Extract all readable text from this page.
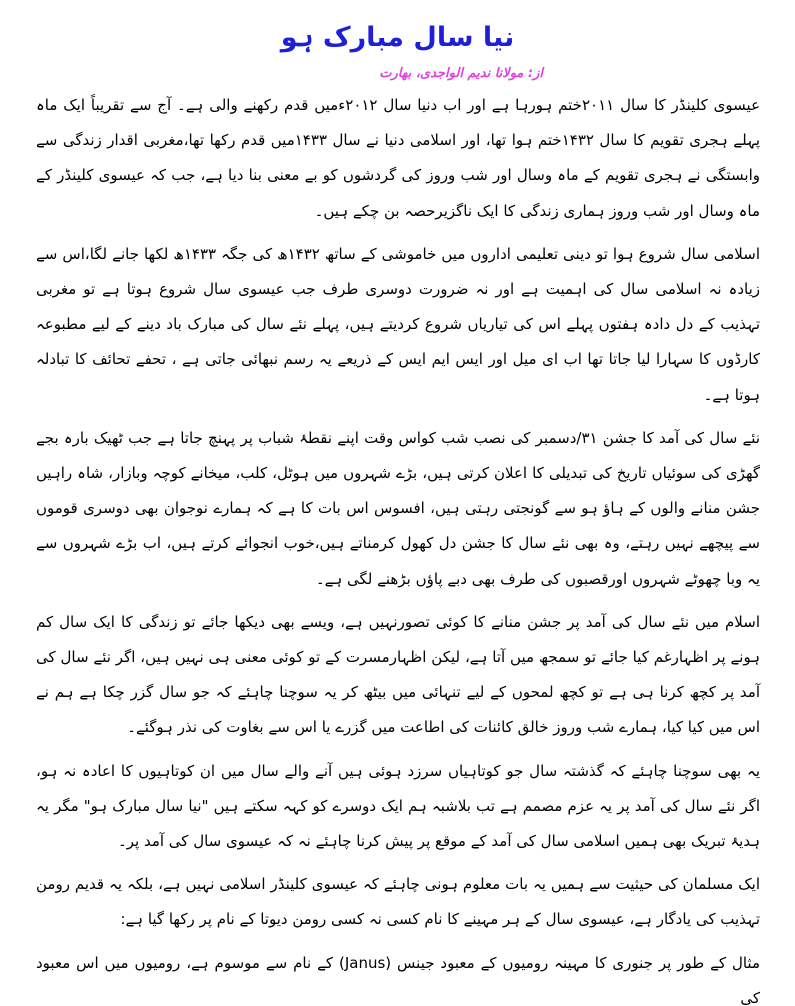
نیا سال مبارک ہو
از: مولانا ندیم الواجدی، بھارت

عیسوی کلینڈر کا سال ۲۰۱۱ختم ہورہا ہے اور اب دنیا سال ۲۰۱۲ءمیں قدم رکھنے والی ہے۔ آج سے تقریباً ایک ماہ پہلے ہجری تقویم کا سال ۱۴۳۲ختم ہوا تھا، اور اسلامی دنیا نے سال ۱۴۳۳میں قدم رکھا تھا،مغربی اقدار زندگی سے وابستگی نے ہجری تقویم کے ماہ وسال اور شب وروز کی گردشوں کو بے معنی بنا دیا ہے، جب کہ عیسوی کلینڈر کے ماہ وسال اور شب وروز ہماری زندگی کا ایک ناگزیرحصہ بن چکے ہیں۔

اسلامی سال شروع ہوا تو دینی تعلیمی اداروں میں خاموشی کے ساتھ ۱۴۳۲ھ کی جگہ ۱۴۳۳ھ لکھا جانے لگا،اس سے زیادہ نہ اسلامی سال کی اہمیت ہے اور نہ ضرورت دوسری طرف جب عیسوی سال شروع ہوتا ہے تو مغربی تہذیب کے دل دادہ ہفتوں پہلے اس کی تیاریاں شروع کردیتے ہیں، پہلے نئے سال کی مبارک باد دینے کے لیے مطبوعہ کارڈوں کا سہارا لیا جاتا تھا اب ای میل اور ایس ایم ایس کے ذریعے یہ رسم نبھائی جاتی ہے ، تحفے تحائف کا تبادلہ ہوتا ہے۔

نئے سال کی آمد کا جشن ۳۱/دسمبر کی نصب شب کواس وقت اپنے نقطۂ شباب پر پہنچ جاتا ہے جب ٹھیک بارہ بجے گھڑی کی سوئیاں تاریخ کی تبدیلی کا اعلان کرتی ہیں، بڑے شہروں میں ہوٹل، کلب، میخانے کوچہ وبازار، شاہ راہیں جشن منانے والوں کے ہاؤ ہو سے گونجتی رہتی ہیں، افسوس اس بات کا ہے کہ ہمارے نوجوان بھی دوسری قوموں سے پیچھے نہیں رہتے، وہ بھی نئے سال کا جشن دل کھول کرمناتے ہیں،خوب انجوائے کرتے ہیں، اب بڑے شہروں سے یہ وبا چھوٹے شہروں اورقصبوں کی طرف بھی دبے پاؤں بڑھنے لگی ہے۔

اسلام میں نئے سال کی آمد پر جشن منانے کا کوئی تصورنہیں ہے، ویسے بھی دیکھا جائے تو زندگی کا ایک سال کم ہونے پر اظہارغم کیا جائے تو سمجھ میں آتا ہے، لیکن اظہارمسرت کے تو کوئی معنی ہی نہیں ہیں، اگر نئے سال کی آمد پر کچھ کرنا ہی ہے تو کچھ لمحوں کے لیے تنہائی میں بیٹھ کر یہ سوچنا چاہئے کہ جو سال گزر چکا ہے ہم نے اس میں کیا کیا، ہمارے شب وروز خالق کائنات کی اطاعت میں گزرے یا اس سے بغاوت کی نذر ہوگئے۔

یہ بھی سوچنا چاہئے کہ گذشتہ سال جو کوتاہیاں سرزد ہوئی ہیں آنے والے سال میں ان کوتاہیوں کا اعادہ نہ ہو، اگر نئے سال کی آمد پر یہ عزم مصمم ہے تب بلاشبہ ہم ایک دوسرے کو کہہ سکتے ہیں "نیا سال مبارک ہو" مگر یہ ہدیۂ تبریک بھی ہمیں اسلامی سال کی آمد کے موقع پر پیش کرنا چاہئے نہ کہ عیسوی سال کی آمد پر۔

ایک مسلمان کی حیثیت سے ہمیں یہ بات معلوم ہونی چاہئے کہ عیسوی کلینڈر اسلامی نہیں ہے، بلکہ یہ قدیم رومن تہذیب کی یادگار ہے، عیسوی سال کے ہر مہینے کا نام کسی نہ کسی رومن دیوتا کے نام پر رکھا گیا ہے:

مثال کے طور پر جنوری کا مہینہ رومیوں کے معبود جینس (Janus) کے نام سے موسوم ہے، رومیوں میں اس معبود کی
